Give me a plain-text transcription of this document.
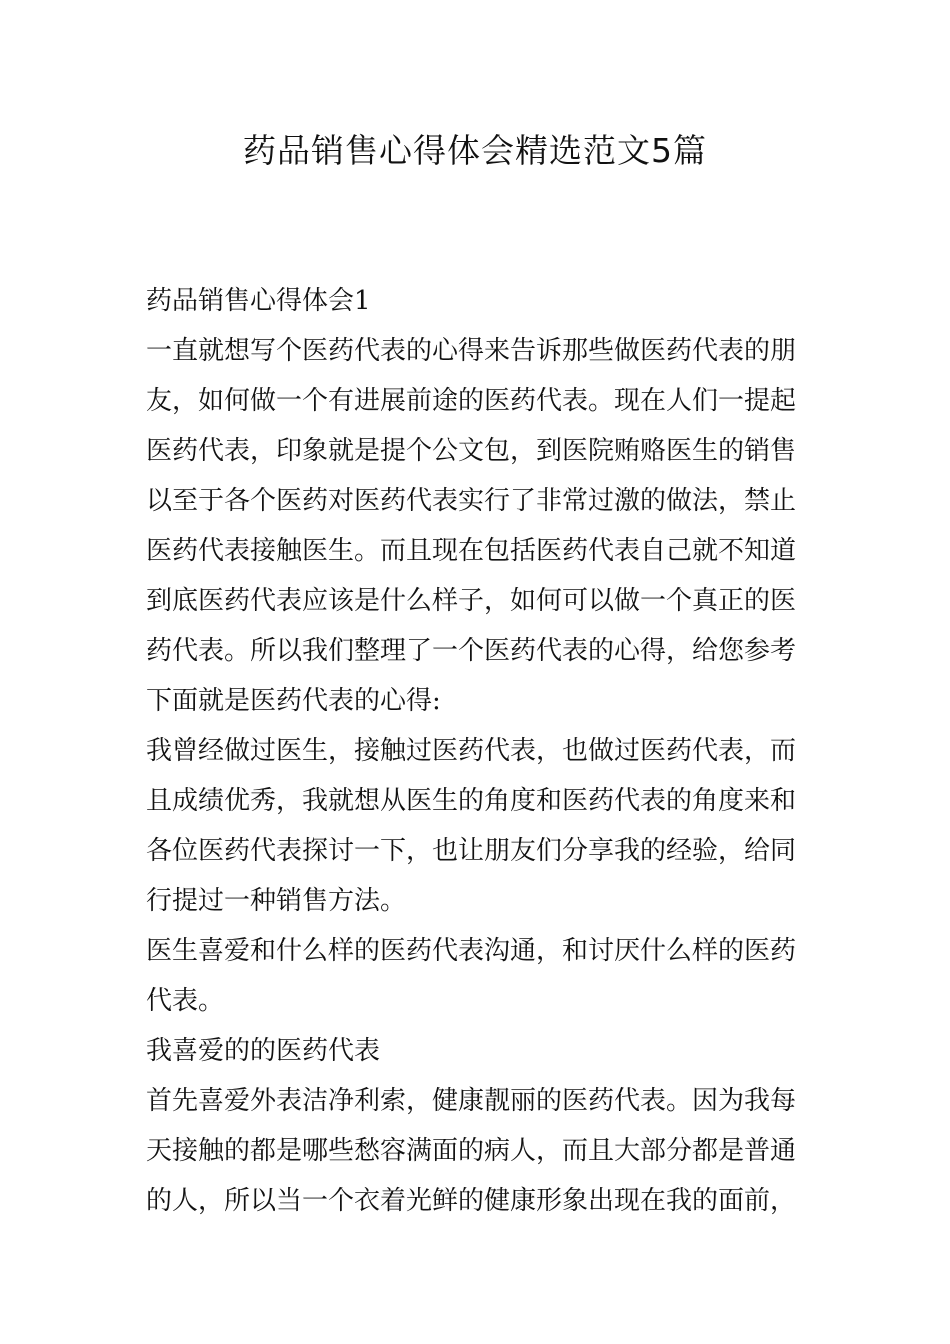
药品销售心得体会精选范文5篇
药品销售心得体会1
一直就想写个医药代表的心得来告诉那些做医药代表的朋
友，如何做一个有进展前途的医药代表。现在人们一提起
医药代表，印象就是提个公文包，到医院贿赂医生的销售
以至于各个医药对医药代表实行了非常过激的做法，禁止
医药代表接触医生。而且现在包括医药代表自己就不知道
到底医药代表应该是什么样子，如何可以做一个真正的医
药代表。所以我们整理了一个医药代表的心得，给您参考
下面就是医药代表的心得:
我曾经做过医生，接触过医药代表，也做过医药代表，而
且成绩优秀，我就想从医生的角度和医药代表的角度来和
各位医药代表探讨一下，也让朋友们分享我的经验，给同
行提过一种销售方法。
医生喜爱和什么样的医药代表沟通，和讨厌什么样的医药
代表。
我喜爱的的医药代表
首先喜爱外表洁净利索，健康靓丽的医药代表。因为我每
天接触的都是哪些愁容满面的病人，而且大部分都是普通
的人，所以当一个衣着光鲜的健康形象出现在我的面前，
